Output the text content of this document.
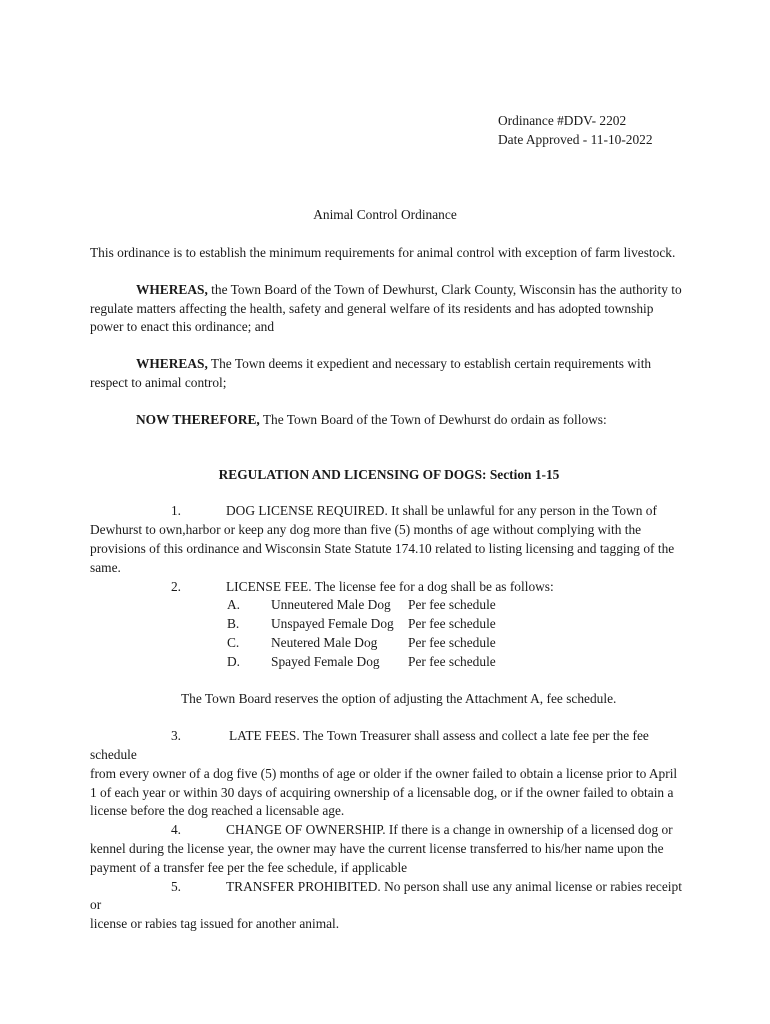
Ordinance #DDV- 2202
Date Approved - 11-10-2022
Animal Control Ordinance

This ordinance is to establish the minimum requirements for animal control with exception of farm livestock.

WHEREAS, the Town Board of the Town of Dewhurst, Clark County, Wisconsin has the authority to regulate matters affecting the health, safety and general welfare of its residents and has adopted township power to enact this ordinance; and

WHEREAS, The Town deems it expedient and necessary to establish certain requirements with respect to animal control;

NOW THEREFORE, The Town Board of the Town of Dewhurst do ordain as follows:

REGULATION AND LICENSING OF DOGS: Section 1-15

1.	DOG LICENSE REQUIRED. It shall be unlawful for any person in the Town of

Dewhurst to own,harbor or keep any dog more than five (5) months of age without complying with the provisions of this ordinance and Wisconsin State Statute 174.10 related to listing licensing and tagging of the same.

2.	LICENSE FEE. The license fee for a dog shall be as follows:

A.	Unneutered Male Dog	Per fee schedule
B.	Unspayed Female Dog	Per fee schedule
C.	Neutered Male Dog	Per fee schedule
D.	Spayed Female Dog	Per fee schedule

The Town Board reserves the option of adjusting the Attachment A, fee schedule.

3.	LATE FEES. The Town Treasurer shall assess and collect a late fee per the fee schedule

from every owner of a dog five (5) months of age or older if the owner failed to obtain a license prior to April 1 of each year or within 30 days of acquiring ownership of a licensable dog, or if the owner failed to obtain a license before the dog reached a licensable age.

4.	CHANGE OF OWNERSHIP. If there is a change in ownership of a licensed dog or

kennel during the license year, the owner may have the current license transferred to his/her name upon the payment of a transfer fee per the fee schedule, if applicable

5.	TRANSFER PROHIBITED. No person shall use any animal license or rabies receipt or

license or rabies tag issued for another animal.
